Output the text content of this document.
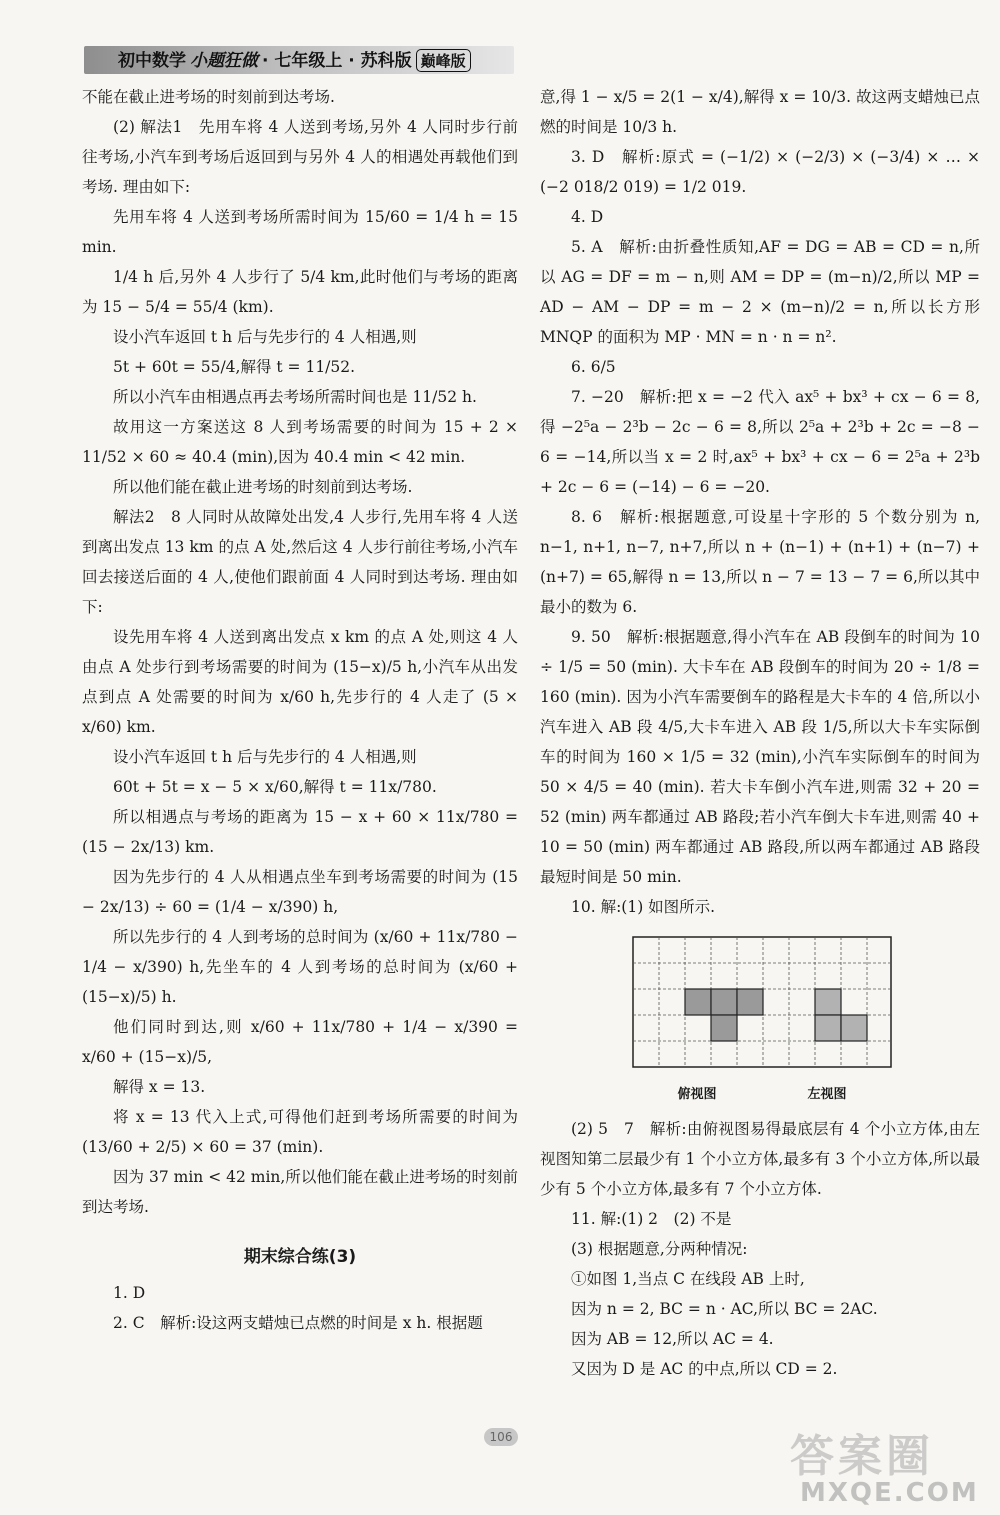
初中数学 小题狂做 · 七年级上 · 苏科版 巅峰版

不能在截止进考场的时刻前到达考场.

(2) 解法1　先用车将 4 人送到考场,另外 4 人同时步行前往考场,小汽车到考场后返回到与另外 4 人的相遇处再载他们到考场. 理由如下:

先用车将 4 人送到考场所需时间为 15/60 = 1/4 h = 15 min.

1/4 h 后,另外 4 人步行了 5/4 km,此时他们与考场的距离为 15 − 5/4 = 55/4 (km).

设小汽车返回 t h 后与先步行的 4 人相遇,则

5t + 60t = 55/4,解得 t = 11/52.

所以小汽车由相遇点再去考场所需时间也是 11/52 h.

故用这一方案送这 8 人到考场需要的时间为 15 + 2 × 11/52 × 60 ≈ 40.4 (min),因为 40.4 min < 42 min.

所以他们能在截止进考场的时刻前到达考场.

解法2　8 人同时从故障处出发,4 人步行,先用车将 4 人送到离出发点 13 km 的点 A 处,然后这 4 人步行前往考场,小汽车回去接送后面的 4 人,使他们跟前面 4 人同时到达考场. 理由如下:

设先用车将 4 人送到离出发点 x km 的点 A 处,则这 4 人由点 A 处步行到考场需要的时间为 (15−x)/5 h,小汽车从出发点到点 A 处需要的时间为 x/60 h,先步行的 4 人走了 (5 × x/60) km.

设小汽车返回 t h 后与先步行的 4 人相遇,则

60t + 5t = x − 5 × x/60,解得 t = 11x/780.

所以相遇点与考场的距离为 15 − x + 60 × 11x/780 = (15 − 2x/13) km.

因为先步行的 4 人从相遇点坐车到考场需要的时间为 (15 − 2x/13) ÷ 60 = (1/4 − x/390) h,

所以先步行的 4 人到考场的总时间为 (x/60 + 11x/780 − 1/4 − x/390) h,先坐车的 4 人到考场的总时间为 (x/60 + (15−x)/5) h.

他们同时到达,则 x/60 + 11x/780 + 1/4 − x/390 = x/60 + (15−x)/5,

解得 x = 13.

将 x = 13 代入上式,可得他们赶到考场所需要的时间为 (13/60 + 2/5) × 60 = 37 (min).

因为 37 min < 42 min,所以他们能在截止进考场的时刻前到达考场.

期末综合练(3)

1. D

2. C　解析:设这两支蜡烛已点燃的时间是 x h. 根据题

意,得 1 − x/5 = 2(1 − x/4),解得 x = 10/3. 故这两支蜡烛已点燃的时间是 10/3 h.

3. D　解析:原式 = (−1/2) × (−2/3) × (−3/4) × … × (−2 018/2 019) = 1/2 019.

4. D

5. A　解析:由折叠性质知,AF = DG = AB = CD = n,所以 AG = DF = m − n,则 AM = DP = (m−n)/2,所以 MP = AD − AM − DP = m − 2 × (m−n)/2 = n,所以长方形 MNQP 的面积为 MP · MN = n · n = n².

6. 6/5

7. −20　解析:把 x = −2 代入 ax⁵ + bx³ + cx − 6 = 8,得 −2⁵a − 2³b − 2c − 6 = 8,所以 2⁵a + 2³b + 2c = −8 − 6 = −14,所以当 x = 2 时,ax⁵ + bx³ + cx − 6 = 2⁵a + 2³b + 2c − 6 = (−14) − 6 = −20.

8. 6　解析:根据题意,可设星十字形的 5 个数分别为 n, n−1, n+1, n−7, n+7,所以 n + (n−1) + (n+1) + (n−7) + (n+7) = 65,解得 n = 13,所以 n − 7 = 13 − 7 = 6,所以其中最小的数为 6.

9. 50　解析:根据题意,得小汽车在 AB 段倒车的时间为 10 ÷ 1/5 = 50 (min). 大卡车在 AB 段倒车的时间为 20 ÷ 1/8 = 160 (min). 因为小汽车需要倒车的路程是大卡车的 4 倍,所以小汽车进入 AB 段 4/5,大卡车进入 AB 段 1/5,所以大卡车实际倒车的时间为 160 × 1/5 = 32 (min),小汽车实际倒车的时间为 50 × 4/5 = 40 (min). 若大卡车倒小汽车进,则需 32 + 20 = 52 (min) 两车都通过 AB 路段;若小汽车倒大卡车进,则需 40 + 10 = 50 (min) 两车都通过 AB 路段,所以两车都通过 AB 路段最短时间是 50 min.

10. 解:(1) 如图所示.

俯视图	左视图

(2) 5　7　解析:由俯视图易得最底层有 4 个小立方体,由左视图知第二层最少有 1 个小立方体,最多有 3 个小立方体,所以最少有 5 个小立方体,最多有 7 个小立方体.

11. 解:(1) 2　(2) 不是

(3) 根据题意,分两种情况:

①如图 1,当点 C 在线段 AB 上时,

因为 n = 2, BC = n · AC,所以 BC = 2AC.

因为 AB = 12,所以 AC = 4.

又因为 D 是 AC 的中点,所以 CD = 2.

106	答案圈
MXQE.COM
